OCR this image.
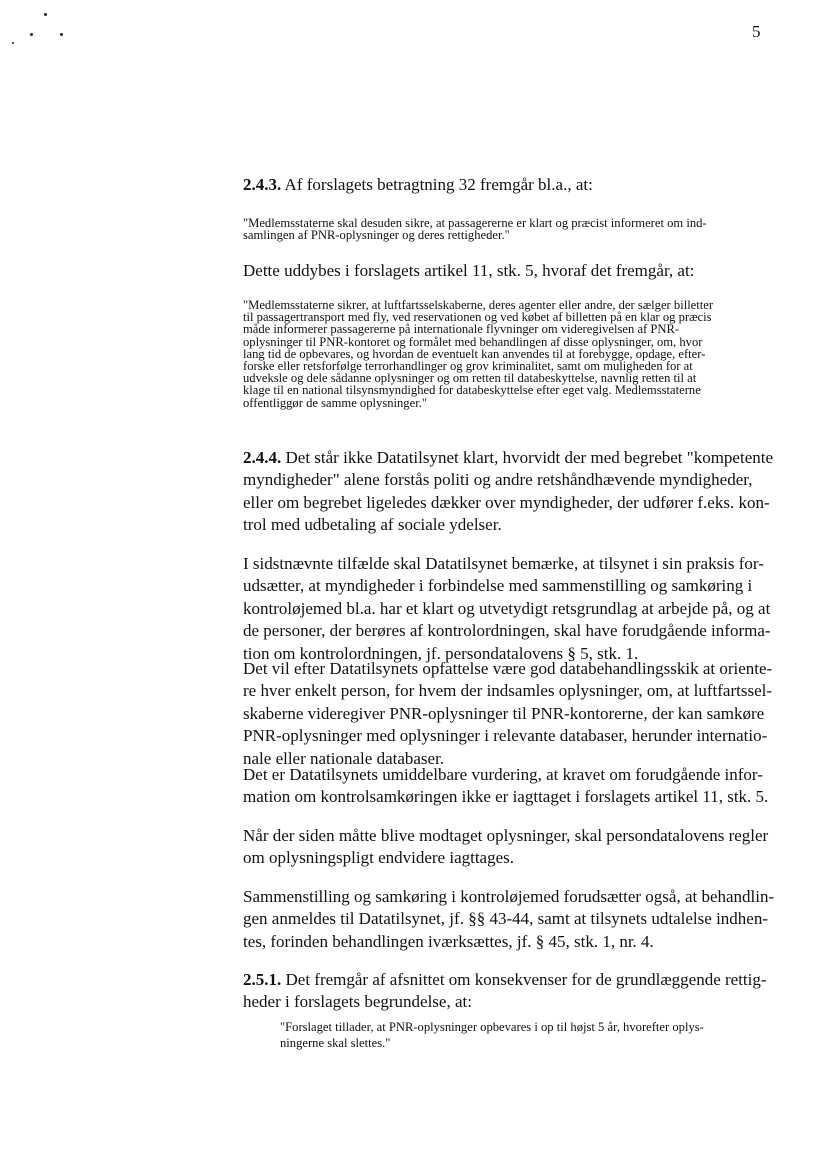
5
2.4.3. Af forslagets betragtning 32 fremgår bl.a., at:
"Medlemsstaterne skal desuden sikre, at passagererne er klart og præcist informeret om ind-
samlingen af PNR-oplysninger og deres rettigheder."
Dette uddybes i forslagets artikel 11, stk. 5, hvoraf det fremgår, at:
"Medlemsstaterne sikrer, at luftfartsselskaberne, deres agenter eller andre, der sælger billetter
til passagertransport med fly, ved reservationen og ved købet af billetten på en klar og præcis
måde informerer passagererne på internationale flyvninger om videregivelsen af PNR-
oplysninger til PNR-kontoret og formålet med behandlingen af disse oplysninger, om, hvor
lang tid de opbevares, og hvordan de eventuelt kan anvendes til at forebygge, opdage, efter-
forske eller retsforfølge terrorhandlinger og grov kriminalitet, samt om muligheden for at
udveksle og dele sådanne oplysninger og om retten til databeskyttelse, navnlig retten til at
klage til en national tilsynsmyndighed for databeskyttelse efter eget valg. Medlemsstaterne
offentliggør de samme oplysninger."
2.4.4. Det står ikke Datatilsynet klart, hvorvidt der med begrebet "kompetente
myndigheder" alene forstås politi og andre retshåndhævende myndigheder,
eller om begrebet ligeledes dækker over myndigheder, der udfører f.eks. kon-
trol med udbetaling af sociale ydelser.
I sidstnævnte tilfælde skal Datatilsynet bemærke, at tilsynet i sin praksis for-
udsætter, at myndigheder i forbindelse med sammenstilling og samkøring i
kontroløjemed bl.a. har et klart og utvetydigt retsgrundlag at arbejde på, og at
de personer, der berøres af kontrolordningen, skal have forudgående informa-
tion om kontrolordningen, jf. persondatalovens § 5, stk. 1.
Det vil efter Datatilsynets opfattelse være god databehandlingsskik at oriente-
re hver enkelt person, for hvem der indsamles oplysninger, om, at luftfartssel-
skaberne videregiver PNR-oplysninger til PNR-kontorerne, der kan samkøre
PNR-oplysninger med oplysninger i relevante databaser, herunder internatio-
nale eller nationale databaser.
Det er Datatilsynets umiddelbare vurdering, at kravet om forudgående infor-
mation om kontrolsamkøringen ikke er iagttaget i forslagets artikel 11, stk. 5.
Når der siden måtte blive modtaget oplysninger, skal persondatalovens regler
om oplysningspligt endvidere iagttages.
Sammenstilling og samkøring i kontroløjemed forudsætter også, at behandlin-
gen anmeldes til Datatilsynet, jf. §§ 43-44, samt at tilsynets udtalelse indhen-
tes, forinden behandlingen iværksættes, jf. § 45, stk. 1, nr. 4.
2.5.1. Det fremgår af afsnittet om konsekvenser for de grundlæggende rettig-
heder i forslagets begrundelse, at:
"Forslaget tillader, at PNR-oplysninger opbevares i op til højst 5 år, hvorefter oplys-
ningerne skal slettes."
